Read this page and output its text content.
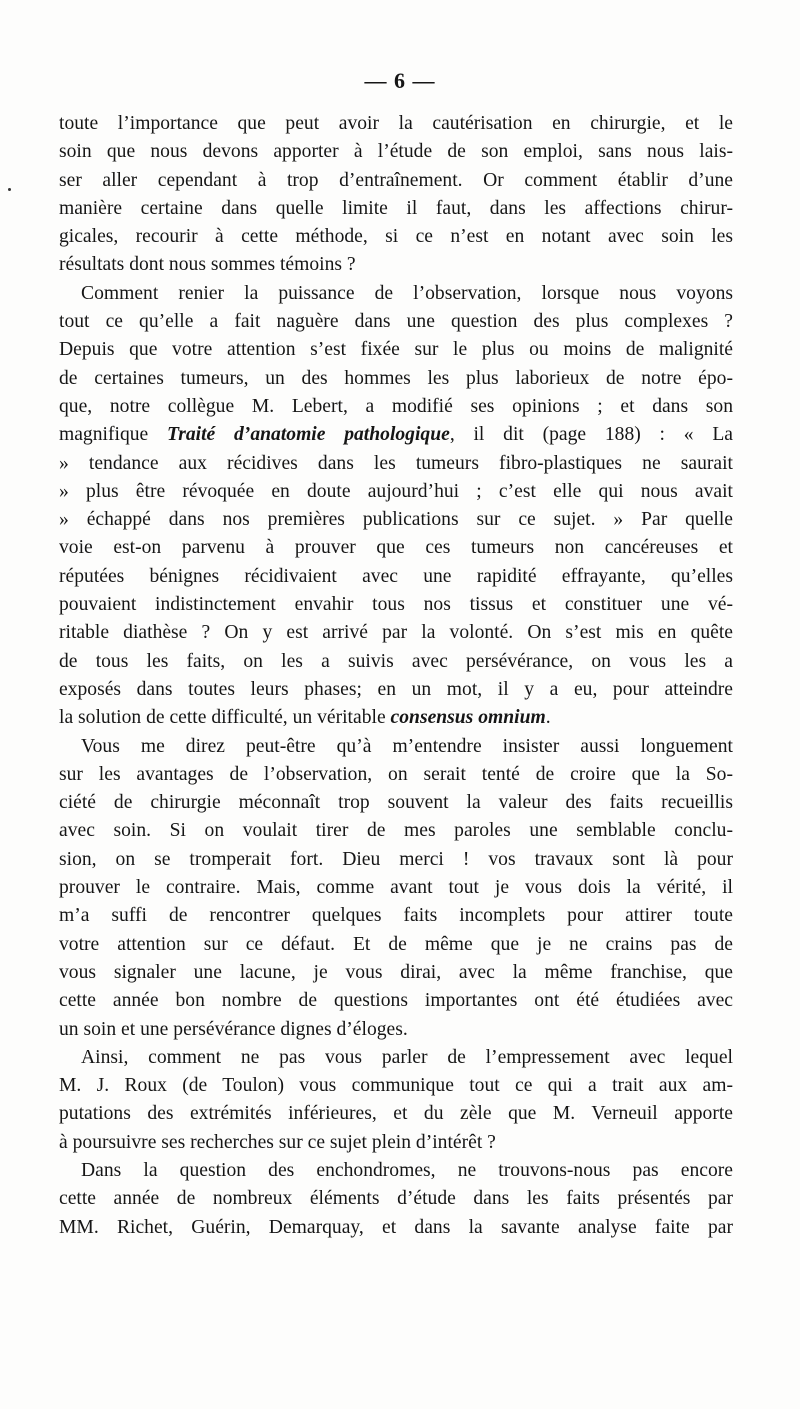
— 6 —
toute l’importance que peut avoir la cautérisation en chirurgie, et le
soin que nous devons apporter à l’étude de son emploi, sans nous lais-
ser aller cependant à trop d’entraînement. Or comment établir d’une
manière certaine dans quelle limite il faut, dans les affections chirur-
gicales, recourir à cette méthode, si ce n’est en notant avec soin les
résultats dont nous sommes témoins ?
Comment renier la puissance de l’observation, lorsque nous voyons
tout ce qu’elle a fait naguère dans une question des plus complexes ?
Depuis que votre attention s’est fixée sur le plus ou moins de malignité
de certaines tumeurs, un des hommes les plus laborieux de notre épo-
que, notre collègue M. Lebert, a modifié ses opinions ; et dans son
magnifique Traité d’anatomie pathologique, il dit (page 188) : « La
» tendance aux récidives dans les tumeurs fibro-plastiques ne saurait
» plus être révoquée en doute aujourd’hui ; c’est elle qui nous avait
» échappé dans nos premières publications sur ce sujet. » Par quelle
voie est-on parvenu à prouver que ces tumeurs non cancéreuses et
réputées bénignes récidivaient avec une rapidité effrayante, qu’elles
pouvaient indistinctement envahir tous nos tissus et constituer une vé-
ritable diathèse ? On y est arrivé par la volonté. On s’est mis en quête
de tous les faits, on les a suivis avec persévérance, on vous les a
exposés dans toutes leurs phases; en un mot, il y a eu, pour atteindre
la solution de cette difficulté, un véritable consensus omnium.
Vous me direz peut-être qu’à m’entendre insister aussi longuement
sur les avantages de l’observation, on serait tenté de croire que la So-
ciété de chirurgie méconnaît trop souvent la valeur des faits recueillis
avec soin. Si on voulait tirer de mes paroles une semblable conclu-
sion, on se tromperait fort. Dieu merci ! vos travaux sont là pour
prouver le contraire. Mais, comme avant tout je vous dois la vérité, il
m’a suffi de rencontrer quelques faits incomplets pour attirer toute
votre attention sur ce défaut. Et de même que je ne crains pas de
vous signaler une lacune, je vous dirai, avec la même franchise, que
cette année bon nombre de questions importantes ont été étudiées avec
un soin et une persévérance dignes d’éloges.
Ainsi, comment ne pas vous parler de l’empressement avec lequel
M. J. Roux (de Toulon) vous communique tout ce qui a trait aux am-
putations des extrémités inférieures, et du zèle que M. Verneuil apporte
à poursuivre ses recherches sur ce sujet plein d’intérêt ?
Dans la question des enchondromes, ne trouvons-nous pas encore
cette année de nombreux éléments d’étude dans les faits présentés par
MM. Richet, Guérin, Demarquay, et dans la savante analyse faite par
